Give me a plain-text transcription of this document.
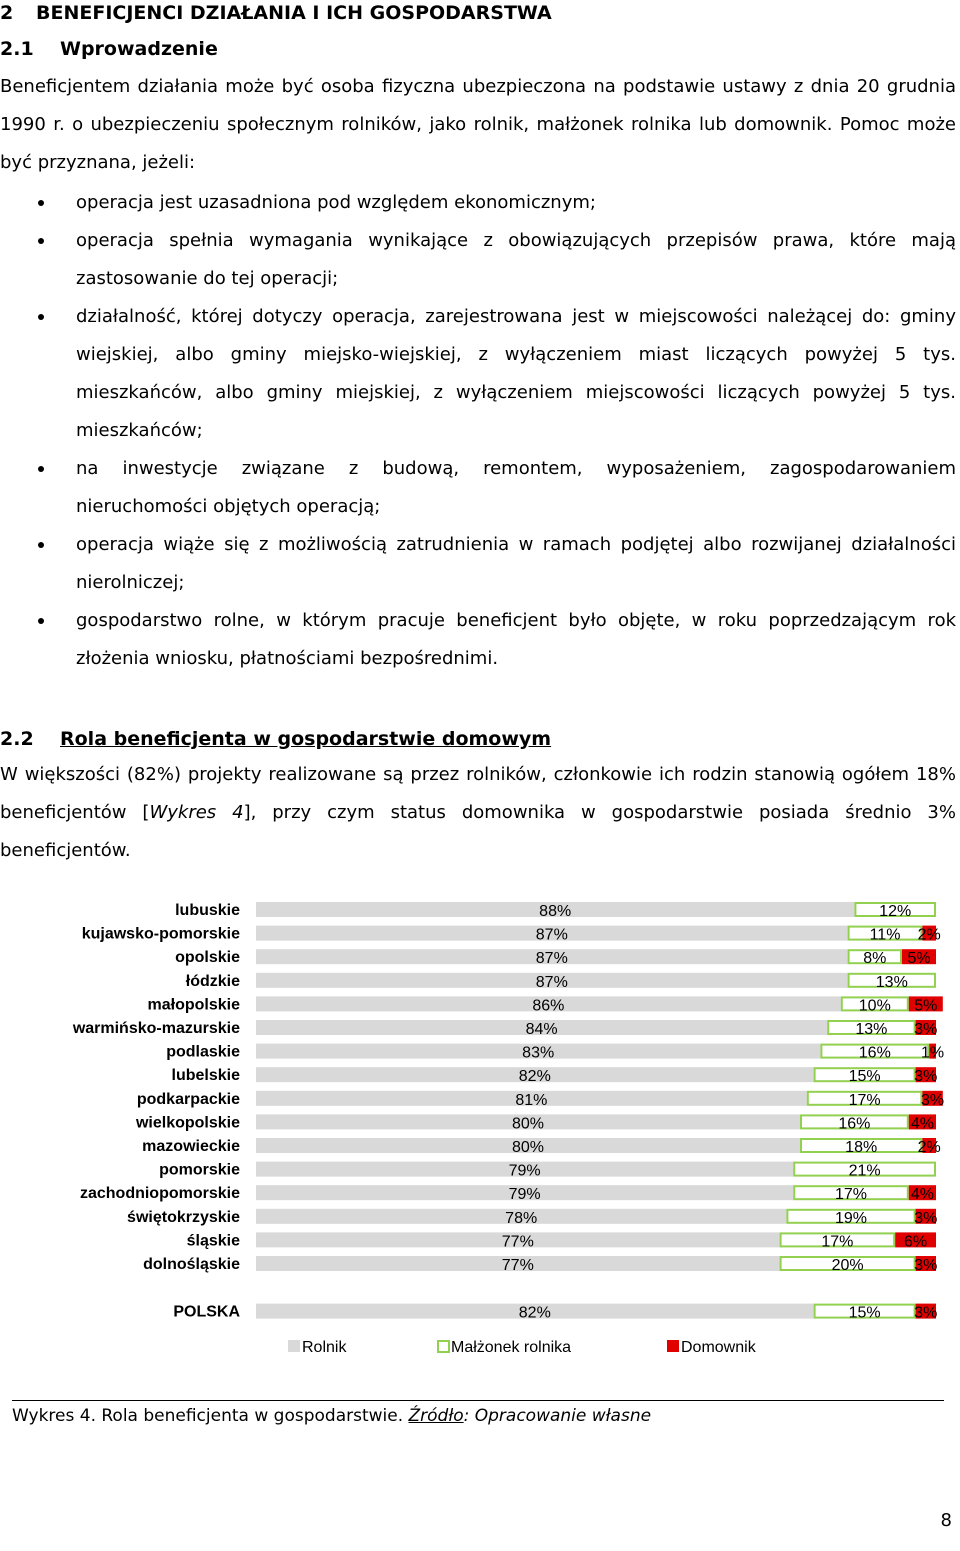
2 BENEFICJENCI DZIAŁANIA I ICH GOSPODARSTWA
2.1 Wprowadzenie
Beneficjentem działania może być osoba fizyczna ubezpieczona na podstawie ustawy z dnia 20 grudnia 1990 r. o ubezpieczeniu społecznym rolników, jako rolnik, małżonek rolnika lub domownik. Pomoc może być przyznana, jeżeli:
operacja jest uzasadniona pod względem ekonomicznym;
operacja spełnia wymagania wynikające z obowiązujących przepisów prawa, które mają zastosowanie do tej operacji;
działalność, której dotyczy operacja, zarejestrowana jest w miejscowości należącej do: gminy wiejskiej, albo gminy miejsko-wiejskiej, z wyłączeniem miast liczących powyżej 5 tys. mieszkańców, albo gminy miejskiej, z wyłączeniem miejscowości liczących powyżej 5 tys. mieszkańców;
na inwestycje związane z budową, remontem, wyposażeniem, zagospodarowaniem nieruchomości objętych operacją;
operacja wiąże się z możliwością zatrudnienia w ramach podjętej albo rozwijanej działalności nierolniczej;
gospodarstwo rolne, w którym pracuje beneficjent było objęte, w roku poprzedzającym rok złożenia wniosku, płatnościami bezpośrednimi.
2.2 Rola beneficjenta w gospodarstwie domowym
W większości (82%) projekty realizowane są przez rolników, członkowie ich rodzin stanowią ogółem 18% beneficjentów [Wykres 4], przy czym status domownika w gospodarstwie posiada średnio 3% beneficjentów.
lubuskie	88%	12%
kujawsko-pomorskie	87%	11% 2%
opolskie	87%	8% 5%
łódzkie	87%	13%
małopolskie	86%	10% 5%
warmińsko-mazurskie	84%	13% 3%
podlaskie	83%	16% 1%
lubelskie	82%	15% 3%
podkarpackie	81%	17%	3%
wielkopolskie	80%	16%	4%
mazowieckie	80%	18%	2%
pomorskie	79%	21%
zachodniopomorskie	79%	17%	4%
świętokrzyskie	78%	19%	3%
śląskie	77%	17%	6%
dolnośląskie	77%	20%	3%
POLSKA	82%	15% 3%
Rolnik	Małżonek rolnika	Domownik
Wykres 4. Rola beneficjenta w gospodarstwie. Źródło: Opracowanie własne
8
